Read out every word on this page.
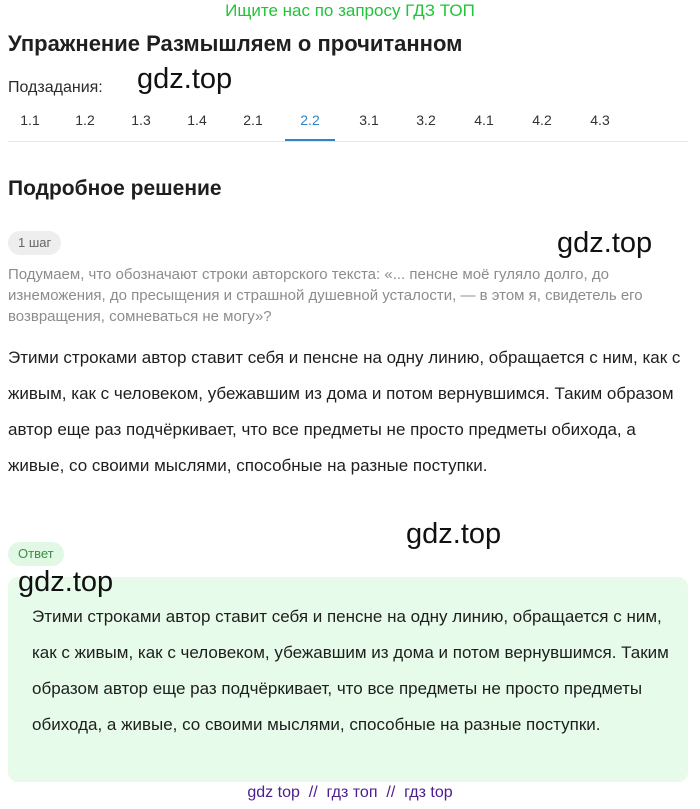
Ищите нас по запросу ГДЗ ТОП
Упражнение Размышляем о прочитанном
Подзадания: gdz.top
1.1	1.2	1.3	1.4	2.1	2.2	3.1	3.2	4.1	4.2	4.3
Подробное решение
1 шаг	gdz.top
Подумаем, что обозначают строки авторского текста: «... пенсне моё гуляло долго, до изнеможения, до пресыщения и страшной душевной усталости, — в этом я, свидетель его возвращения, сомневаться не могу»?
Этими строками автор ставит себя и пенсне на одну линию, обращается с ним, как с живым, как с человеком, убежавшим из дома и потом вернувшимся. Таким образом автор еще раз подчёркивает, что все предметы не просто предметы обихода, а живые, со своими мыслями, способные на разные поступки.
gdz.top
Ответ
gdz.top
Этими строками автор ставит себя и пенсне на одну линию, обращается с ним, как с живым, как с человеком, убежавшим из дома и потом вернувшимся. Таким образом автор еще раз подчёркивает, что все предметы не просто предметы обихода, а живые, со своими мыслями, способные на разные поступки.
gdz top  //  гдз топ  //  гдз top
